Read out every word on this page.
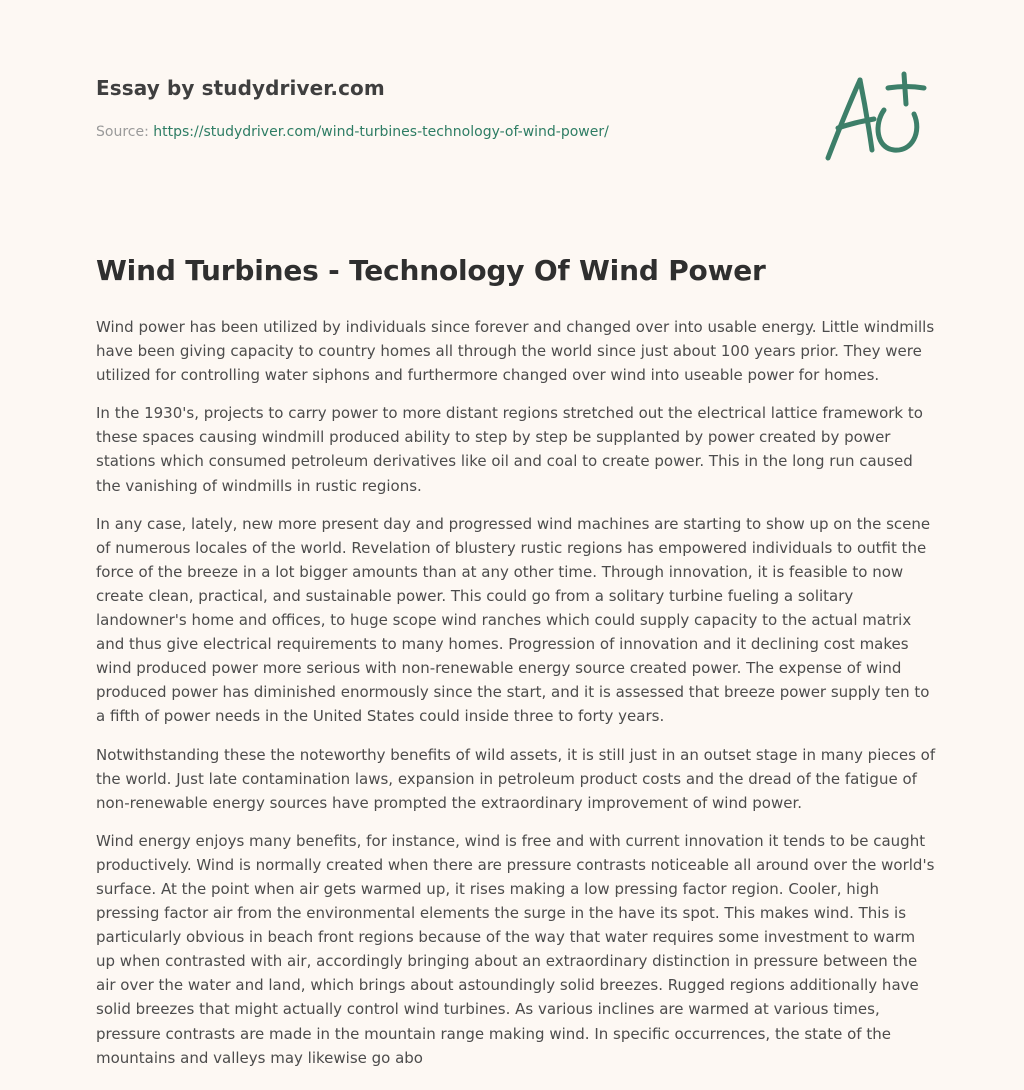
Essay by studydriver.com
Source: https://studydriver.com/wind-turbines-technology-of-wind-power/
Wind Turbines - Technology Of Wind Power

Wind power has been utilized by individuals since forever and changed over into usable energy. Little windmills have been giving capacity to country homes all through the world since just about 100 years prior. They were utilized for controlling water siphons and furthermore changed over wind into useable power for homes.

In the 1930's, projects to carry power to more distant regions stretched out the electrical lattice framework to these spaces causing windmill produced ability to step by step be supplanted by power created by power stations which consumed petroleum derivatives like oil and coal to create power. This in the long run caused the vanishing of windmills in rustic regions.

In any case, lately, new more present day and progressed wind machines are starting to show up on the scene of numerous locales of the world. Revelation of blustery rustic regions has empowered individuals to outfit the force of the breeze in a lot bigger amounts than at any other time. Through innovation, it is feasible to now create clean, practical, and sustainable power. This could go from a solitary turbine fueling a solitary landowner's home and offices, to huge scope wind ranches which could supply capacity to the actual matrix and thus give electrical requirements to many homes. Progression of innovation and it declining cost makes wind produced power more serious with non-renewable energy source created power. The expense of wind produced power has diminished enormously since the start, and it is assessed that breeze power supply ten to a fifth of power needs in the United States could inside three to forty years.

Notwithstanding these the noteworthy benefits of wild assets, it is still just in an outset stage in many pieces of the world. Just late contamination laws, expansion in petroleum product costs and the dread of the fatigue of non-renewable energy sources have prompted the extraordinary improvement of wind power.

Wind energy enjoys many benefits, for instance, wind is free and with current innovation it tends to be caught productively. Wind is normally created when there are pressure contrasts noticeable all around over the world's surface. At the point when air gets warmed up, it rises making a low pressing factor region. Cooler, high pressing factor air from the environmental elements the surge in the have its spot. This makes wind. This is particularly obvious in beach front regions because of the way that water requires some investment to warm up when contrasted with air, accordingly bringing about an extraordinary distinction in pressure between the air over the water and land, which brings about astoundingly solid breezes. Rugged regions additionally have solid breezes that might actually control wind turbines. As various inclines are warmed at various times, pressure contrasts are made in the mountain range making wind. In specific occurrences, the state of the mountains and valleys may likewise go abo
